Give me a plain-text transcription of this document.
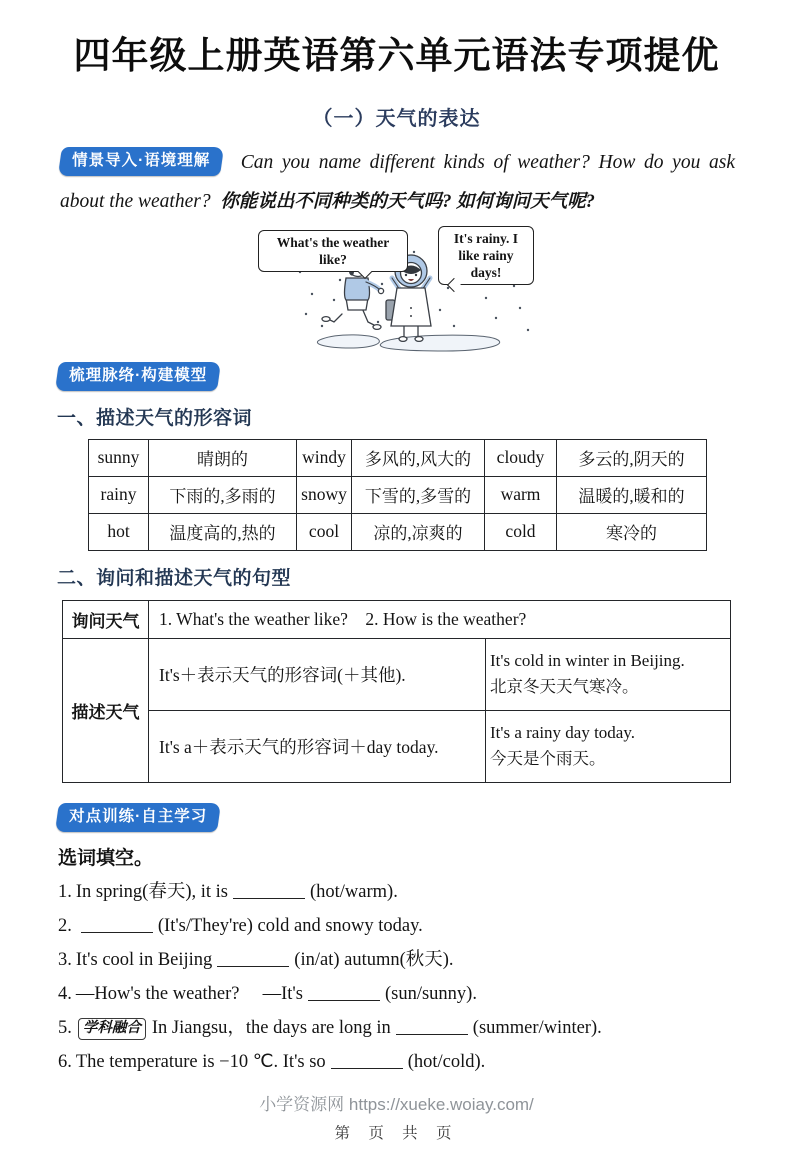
四年级上册英语第六单元语法专项提优
（一）天气的表达

情景导入·语境理解 Can you name different kinds of weather? How do you ask about the weather?  你能说出不同种类的天气吗? 如何询问天气呢?

What's the weather like?
It's rainy. I like rainy days!
梳理脉络·构建模型
一、描述天气的形容词
sunny	晴朗的	windy	多风的,风大的	cloudy	多云的,阴天的
rainy	下雨的,多雨的	snowy	下雪的,多雪的	warm	温暖的,暖和的
hot	温度高的,热的	cool	凉的,凉爽的	cold	寒冷的
二、询问和描述天气的句型
询问天气	1. What's the weather like?    2. How is the weather?	
描述天气	It's＋表示天气的形容词(＋其他).	It's cold in winter in Beijing.
北京冬天天气寒冷。

	It's a＋表示天气的形容词＋day today.	It's a rainy day today.
今天是个雨天。
对点训练·自主学习
选词填空。
1. In spring(春天), it is	(hot/warm).
2.	(It's/They're) cold and snowy today.
3. It's cool in Beijing	(in/at) autumn(秋天).
4. —How's the weather?　 —It's	(sun/sunny).
5. 学科融合 In Jiangsu，the days are long in	(summer/winter).
6. The temperature is −10 ℃. It's so	(hot/cold).
小学资源网 https://xueke.woiay.com/
第 页 共 页
